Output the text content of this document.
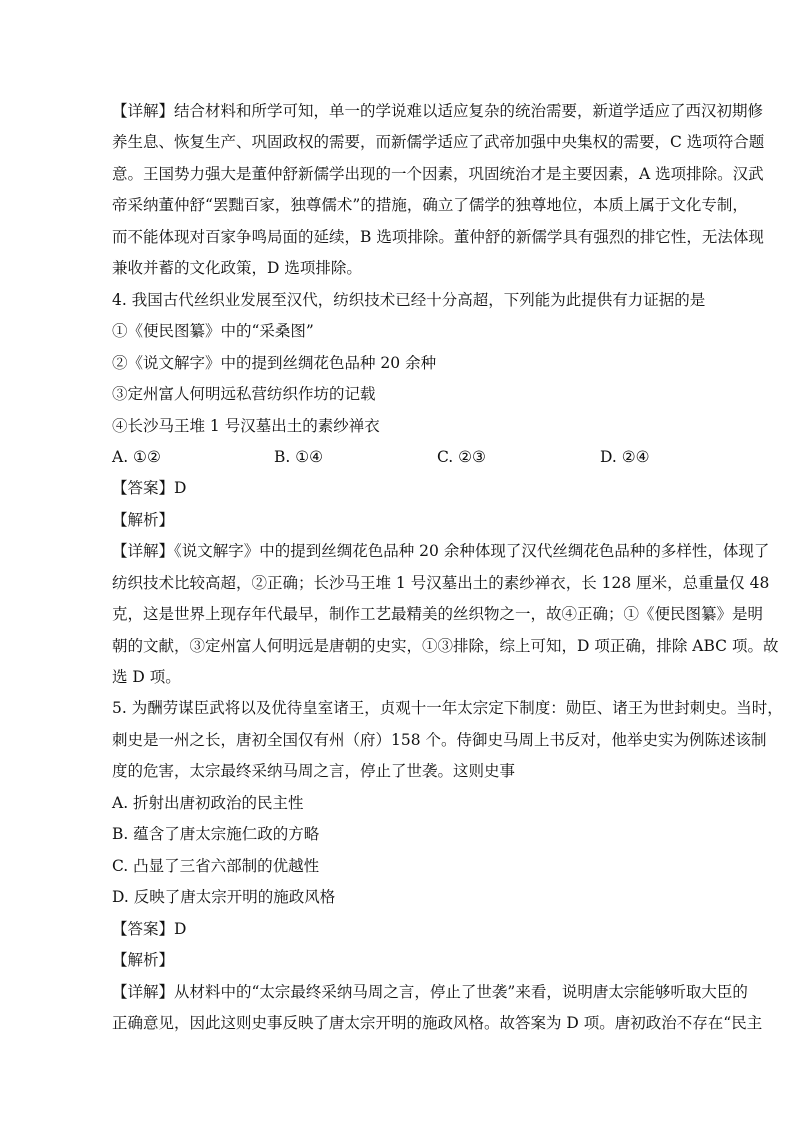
【详解】结合材料和所学可知，单一的学说难以适应复杂的统治需要，新道学适应了西汉初期修
养生息、恢复生产、巩固政权的需要，而新儒学适应了武帝加强中央集权的需要，C 选项符合题
意。王国势力强大是董仲舒新儒学出现的一个因素，巩固统治才是主要因素，A 选项排除。汉武
帝采纳董仲舒“罢黜百家，独尊儒术”的措施，确立了儒学的独尊地位，本质上属于文化专制，
而不能体现对百家争鸣局面的延续，B 选项排除。董仲舒的新儒学具有强烈的排它性，无法体现
兼收并蓄的文化政策，D 选项排除。
4. 我国古代丝织业发展至汉代，纺织技术已经十分高超，下列能为此提供有力证据的是
①《便民图纂》中的“采桑图”
②《说文解字》中的提到丝绸花色品种 20 余种
③定州富人何明远私营纺织作坊的记载
④长沙马王堆 1 号汉墓出土的素纱禅衣
A. ①②	B. ①④	C. ②③	D. ②④
【答案】D
【解析】
【详解】《说文解字》中的提到丝绸花色品种 20 余种体现了汉代丝绸花色品种的多样性，体现了
纺织技术比较高超，②正确；长沙马王堆 1 号汉墓出土的素纱禅衣，长 128 厘米，总重量仅 48
克，这是世界上现存年代最早，制作工艺最精美的丝织物之一，故④正确；①《便民图纂》是明
朝的文献，③定州富人何明远是唐朝的史实，①③排除，综上可知，D 项正确，排除 ABC 项。故
选 D 项。
5. 为酬劳谋臣武将以及优待皇室诸王，贞观十一年太宗定下制度：勋臣、诸王为世封刺史。当时，
刺史是一州之长，唐初全国仅有州（府）158 个。侍御史马周上书反对，他举史实为例陈述该制
度的危害，太宗最终采纳马周之言，停止了世袭。这则史事
A. 折射出唐初政治的民主性
B. 蕴含了唐太宗施仁政的方略
C. 凸显了三省六部制的优越性
D. 反映了唐太宗开明的施政风格
【答案】D
【解析】
【详解】从材料中的“太宗最终采纳马周之言，停止了世袭”来看，说明唐太宗能够听取大臣的
正确意见，因此这则史事反映了唐太宗开明的施政风格。故答案为 D 项。唐初政治不存在“民主
